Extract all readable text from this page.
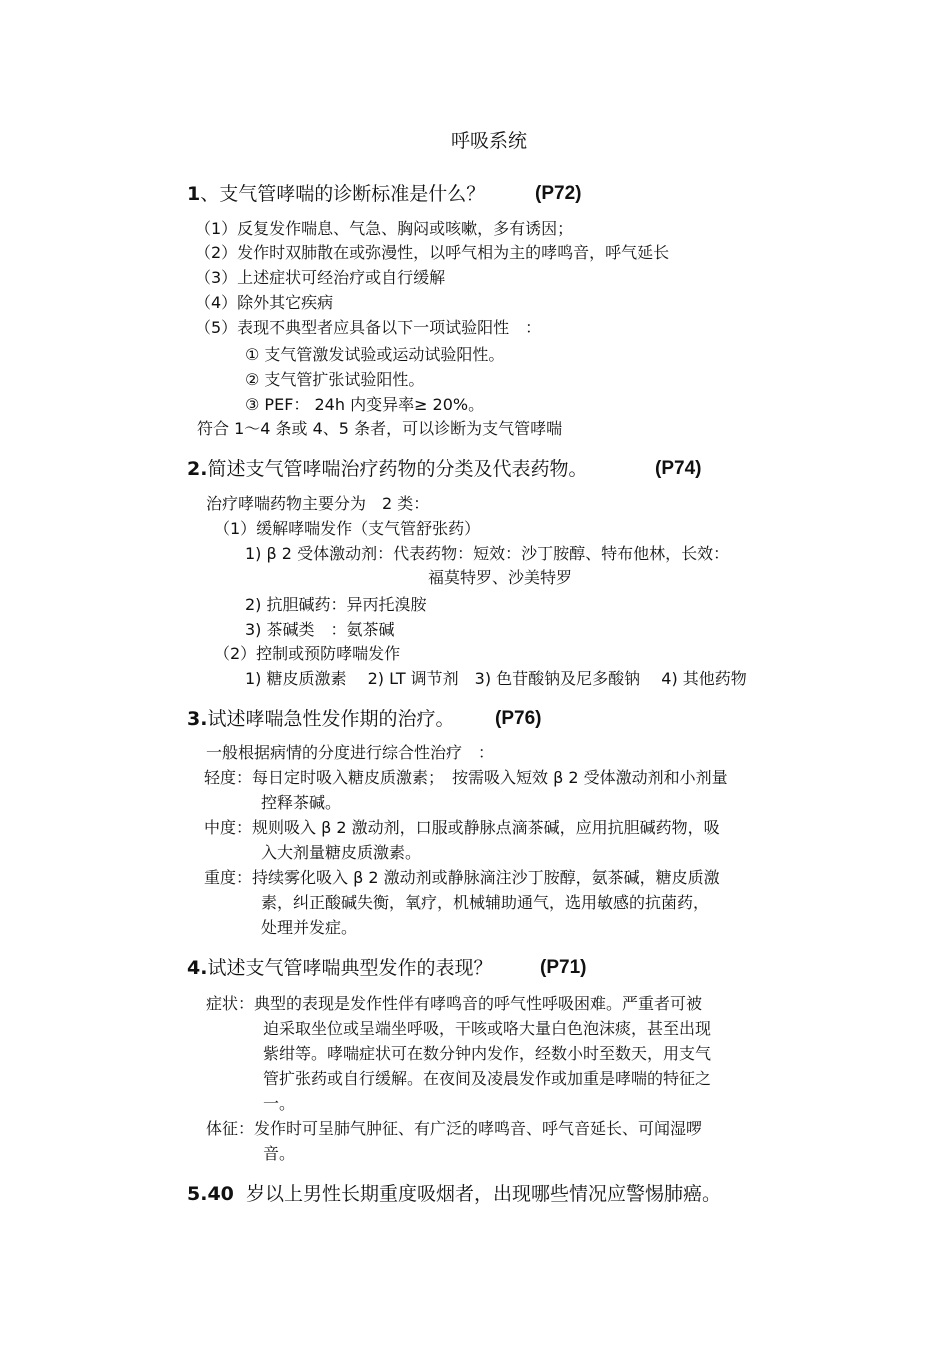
呼吸系统
1、支气管哮喘的诊断标准是什么？	(P72)
（1）反复发作喘息、气急、胸闷或咳嗽，多有诱因；
（2）发作时双肺散在或弥漫性，以呼气相为主的哮鸣音，呼气延长
（3）上述症状可经治疗或自行缓解
（4）除外其它疾病
（5）表现不典型者应具备以下一项试验阳性　：
① 支气管激发试验或运动试验阳性。
② 支气管扩张试验阳性。
③ PEF： 24h 内变异率≥ 20%。
符合 1～4 条或 4、5 条者，可以诊断为支气管哮喘
2.简述支气管哮喘治疗药物的分类及代表药物。	(P74)
治疗哮喘药物主要分为　2 类：
（1）缓解哮喘发作（支气管舒张药）
1) β 2 受体激动剂：代表药物：短效：沙丁胺醇、特布他林，长效：
福莫特罗、沙美特罗
2) 抗胆碱药：异丙托溴胺
3) 茶碱类　：氨茶碱
（2）控制或预防哮喘发作
1) 糖皮质激素　 2) LT 调节剂　3) 色苷酸钠及尼多酸钠　 4) 其他药物
3.试述哮喘急性发作期的治疗。 (P76)
一般根据病情的分度进行综合性治疗　：
轻度：每日定时吸入糖皮质激素；　按需吸入短效 β 2 受体激动剂和小剂量
控释茶碱。
中度：规则吸入 β 2 激动剂，口服或静脉点滴茶碱，应用抗胆碱药物，吸
入大剂量糖皮质激素。
重度：持续雾化吸入 β 2 激动剂或静脉滴注沙丁胺醇，氨茶碱，糖皮质激
素，纠正酸碱失衡，氧疗，机械辅助通气，选用敏感的抗菌药，
处理并发症。
4.试述支气管哮喘典型发作的表现？	(P71)
症状：典型的表现是发作性伴有哮鸣音的呼气性呼吸困难。严重者可被
迫采取坐位或呈端坐呼吸，干咳或咯大量白色泡沫痰，甚至出现
紫绀等。哮喘症状可在数分钟内发作，经数小时至数天，用支气
管扩张药或自行缓解。在夜间及凌晨发作或加重是哮喘的特征之
一。
体征：发作时可呈肺气肿征、有广泛的哮鸣音、呼气音延长、可闻湿啰
音。
5.40 岁以上男性长期重度吸烟者，出现哪些情况应警惕肺癌。
